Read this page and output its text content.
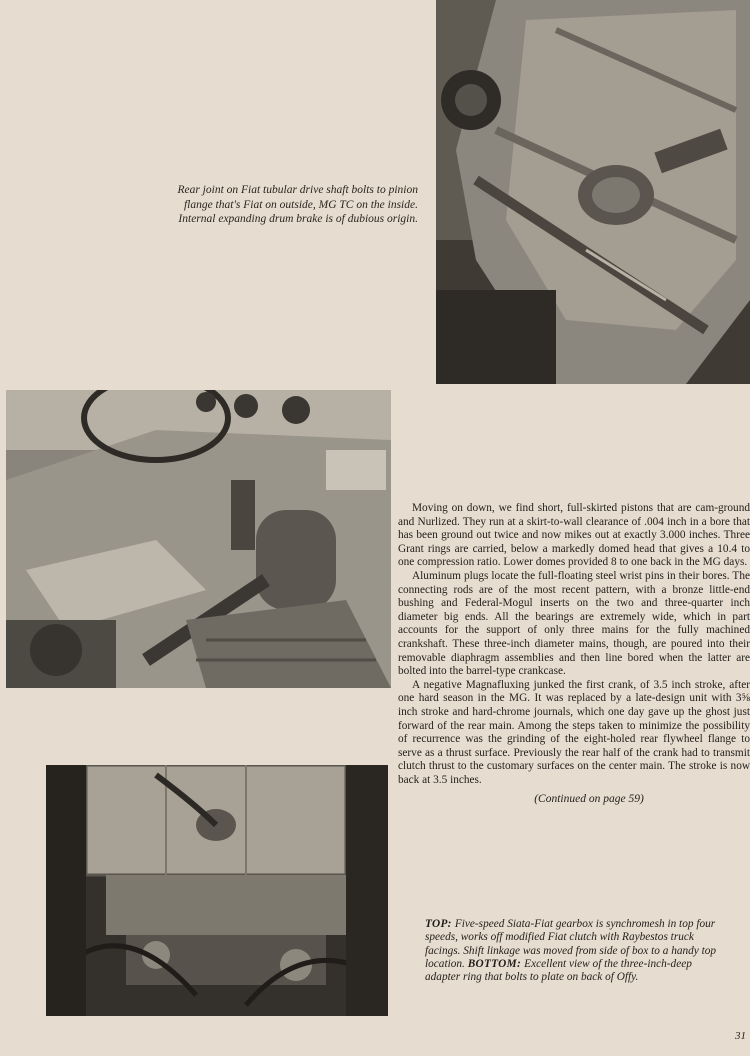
Rear joint on Fiat tubular drive shaft bolts to pinion
flange that's Fiat on outside, MG TC on the inside.
Internal expanding drum brake is of dubious origin.

Moving on down, we find short, full-skirted pistons that are cam-ground and Nurlized. They run at a skirt-to-wall clearance of .004 inch in a bore that has been ground out twice and now mikes out at exactly 3.000 inches. Three Grant rings are carried, below a markedly domed head that gives a 10.4 to one compression ratio. Lower domes provided 8 to one back in the MG days.

Aluminum plugs locate the full-floating steel wrist pins in their bores. The connecting rods are of the most recent pattern, with a bronze little-end bushing and Federal-Mogul inserts on the two and three-quarter inch diameter big ends. All the bearings are extremely wide, which in part accounts for the support of only three mains for the fully machined crankshaft. These three-inch diameter mains, though, are poured into their removable diaphragm assemblies and then line bored when the latter are bolted into the barrel-type crankcase.

A negative Magnafluxing junked the first crank, of 3.5 inch stroke, after one hard season in the MG. It was replaced by a late-design unit with 3⅝ inch stroke and hard-chrome journals, which one day gave up the ghost just forward of the rear main. Among the steps taken to minimize the possibility of recurrence was the grinding of the eight-holed rear flywheel flange to serve as a thrust surface. Previously the rear half of the crank had to transmit clutch thrust to the customary surfaces on the center main. The stroke is now back at 3.5 inches.

(Continued on page 59)
TOP: Five-speed Siata-Fiat gearbox is synchromesh in top four speeds, works off modified Fiat clutch with Raybestos truck facings. Shift linkage was moved from side of box to a handy top location. BOTTOM: Excellent view of the three-inch-deep adapter ring that bolts to plate on back of Offy.
31
